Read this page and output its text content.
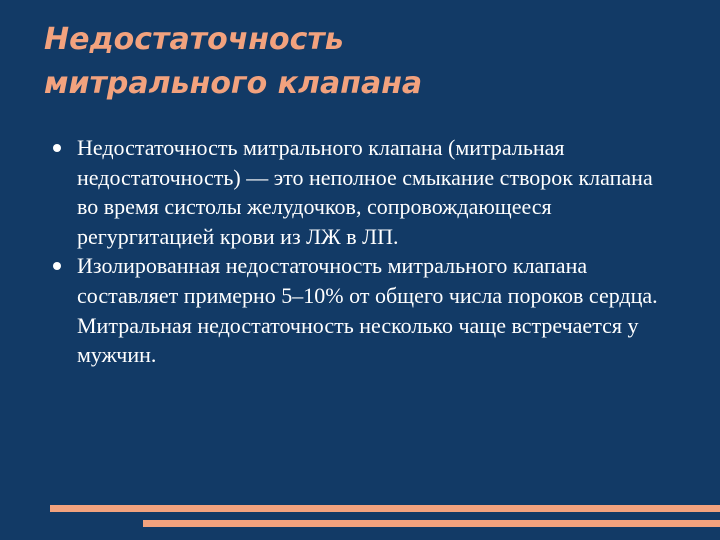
Недостаточность
митрального клапана
Недостаточность митрального клапана (митральная недостаточность) — это неполное смыкание створок клапана во время систолы желудочков, сопровождающееся регургитацией крови из ЛЖ в ЛП.
Изолированная недостаточность митрального клапана составляет примерно 5–10% от общего числа пороков сердца. Митральная недостаточность несколько чаще встречается у мужчин.
